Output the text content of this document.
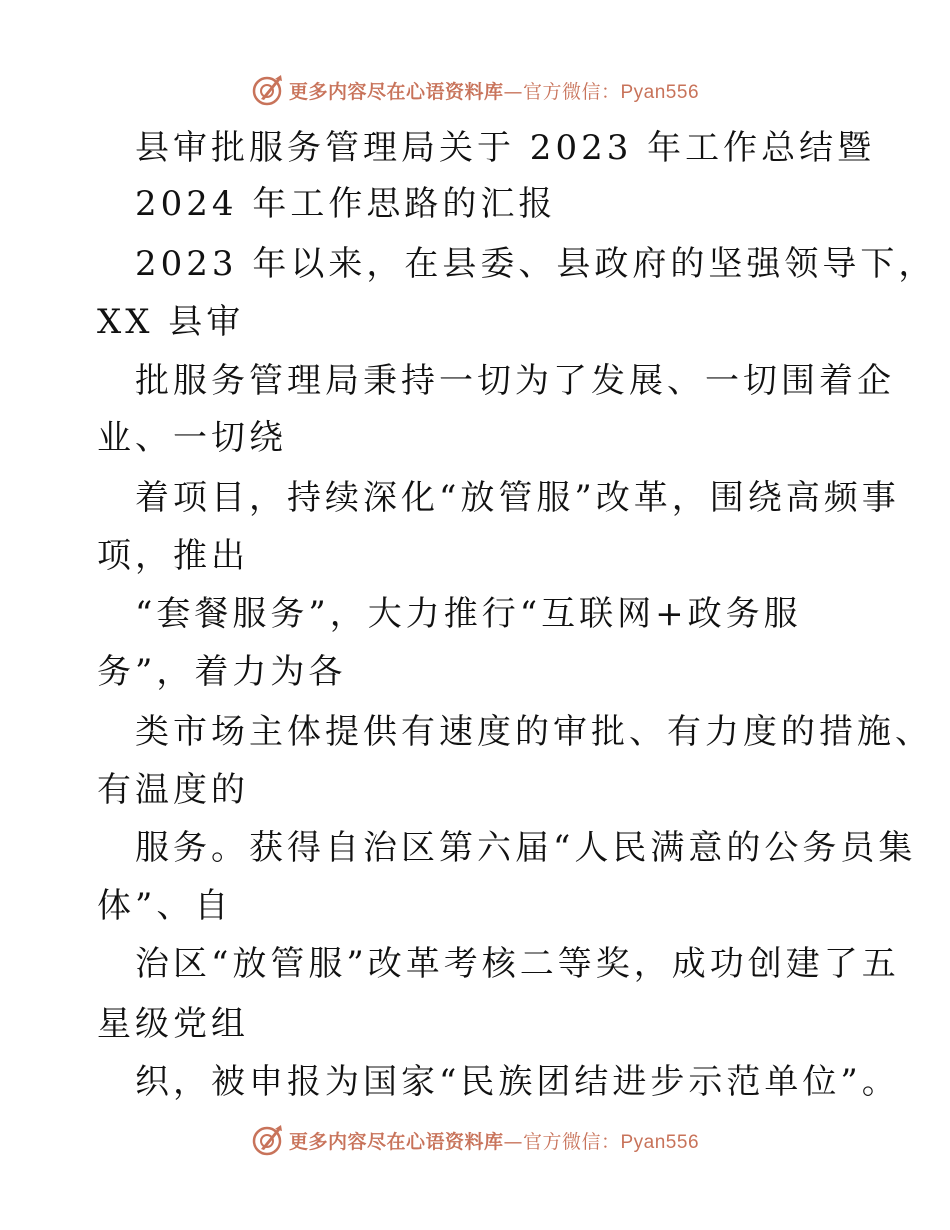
更多内容尽在心语资料库—官方微信：Pyan556
县审批服务管理局关于 2023 年工作总结暨
2024 年工作思路的汇报
2023 年以来，在县委、县政府的坚强领导下，
XX 县审
批服务管理局秉持一切为了发展、一切围着企
业、一切绕
着项目，持续深化“放管服”改革，围绕高频事
项，推出
“套餐服务”，大力推行“互联网+政务服
务”，着力为各
类市场主体提供有速度的审批、有力度的措施、
有温度的
服务。获得自治区第六届“人民满意的公务员集
体”、自
治区“放管服”改革考核二等奖，成功创建了五
星级党组
织，被申报为国家“民族团结进步示范单位”。
更多内容尽在心语资料库—官方微信：Pyan556
